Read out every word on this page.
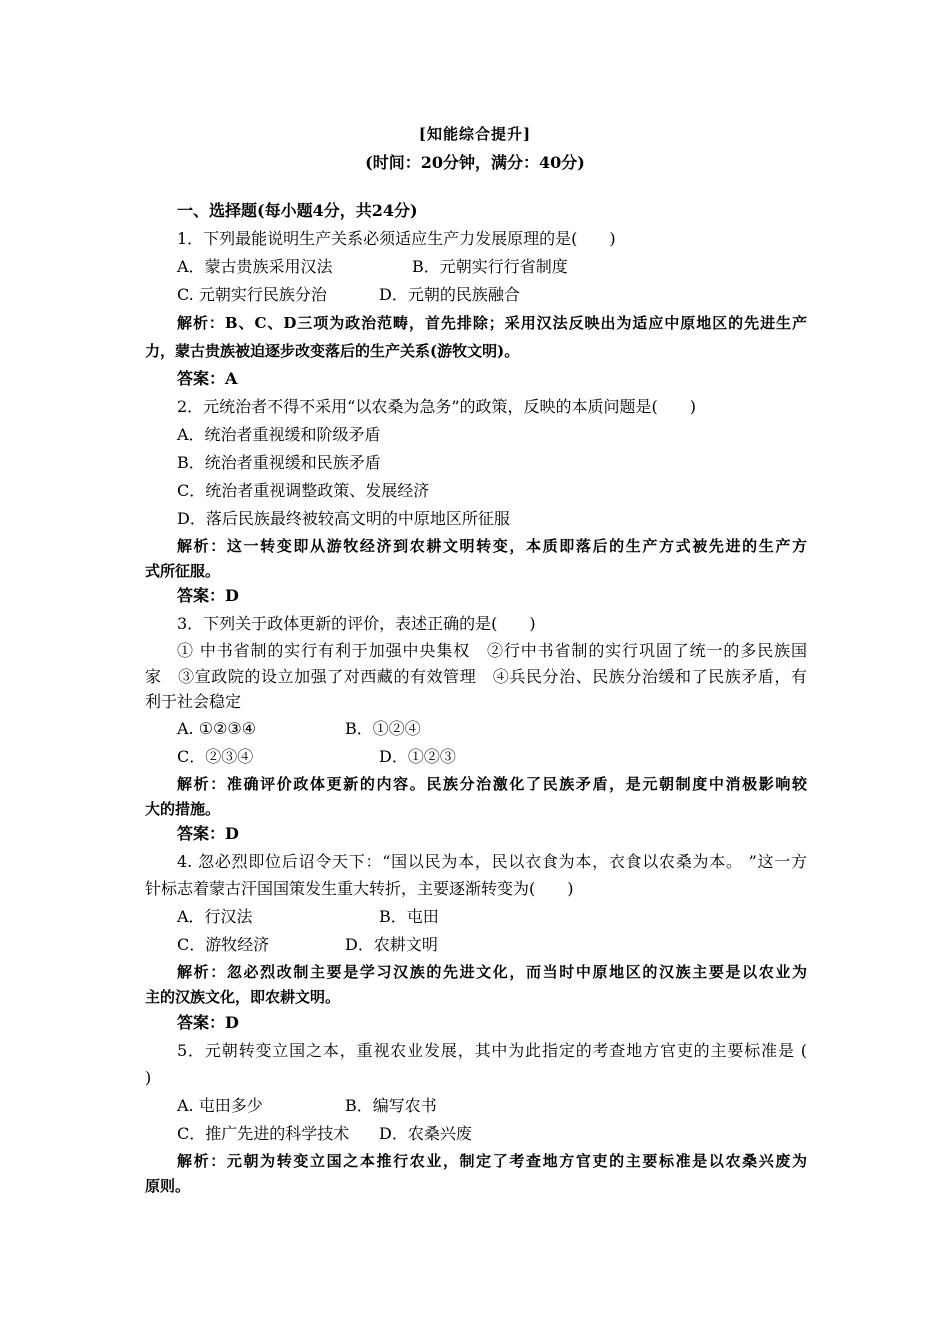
[知能综合提升]
(时间：20分钟，满分：40分)
一、选择题(每小题4分，共24分)
1．下列最能说明生产关系必须适应生产力发展原理的是(　　)
A．蒙古贵族采用汉法	B．元朝实行行省制度
C. 元朝实行民族分治	D．元朝的民族融合
解析：B、C、D三项为政治范畴，首先排除；采用汉法反映出为适应中原地区的先进生产
力，蒙古贵族被迫逐步改变落后的生产关系(游牧文明)。
答案：A
2．元统治者不得不采用“以农桑为急务”的政策，反映的本质问题是(　　)
A．统治者重视缓和阶级矛盾
B．统治者重视缓和民族矛盾
C．统治者重视调整政策、发展经济
D．落后民族最终被较高文明的中原地区所征服
解析：这一转变即从游牧经济到农耕文明转变，本质即落后的生产方式被先进的生产方
式所征服。
答案：D
3．下列关于政体更新的评价，表述正确的是(　　)
① 中书省制的实行有利于加强中央集权　②行中书省制的实行巩固了统一的多民族国
家　③宣政院的设立加强了对西藏的有效管理　④兵民分治、民族分治缓和了民族矛盾，有
利于社会稳定
A. ①②③④	B．①②④
C．②③④	D．①②③
解析：准确评价政体更新的内容。民族分治激化了民族矛盾，是元朝制度中消极影响较
大的措施。
答案：D
4. 忽必烈即位后诏令天下：“国以民为本，民以衣食为本，衣食以农桑为本。 ”这一方
针标志着蒙古汗国国策发生重大转折，主要逐渐转变为(　　)
A．行汉法	B．屯田
C．游牧经济	D．农耕文明
解析：忽必烈改制主要是学习汉族的先进文化，而当时中原地区的汉族主要是以农业为
主的汉族文化，即农耕文明。
答案：D
5．元朝转变立国之本，重视农业发展，其中为此指定的考查地方官吏的主要标准是 (
)
A. 屯田多少	B．编写农书
C．推广先进的科学技术 D．农桑兴废
解析：元朝为转变立国之本推行农业，制定了考查地方官吏的主要标准是以农桑兴废为
原则。
